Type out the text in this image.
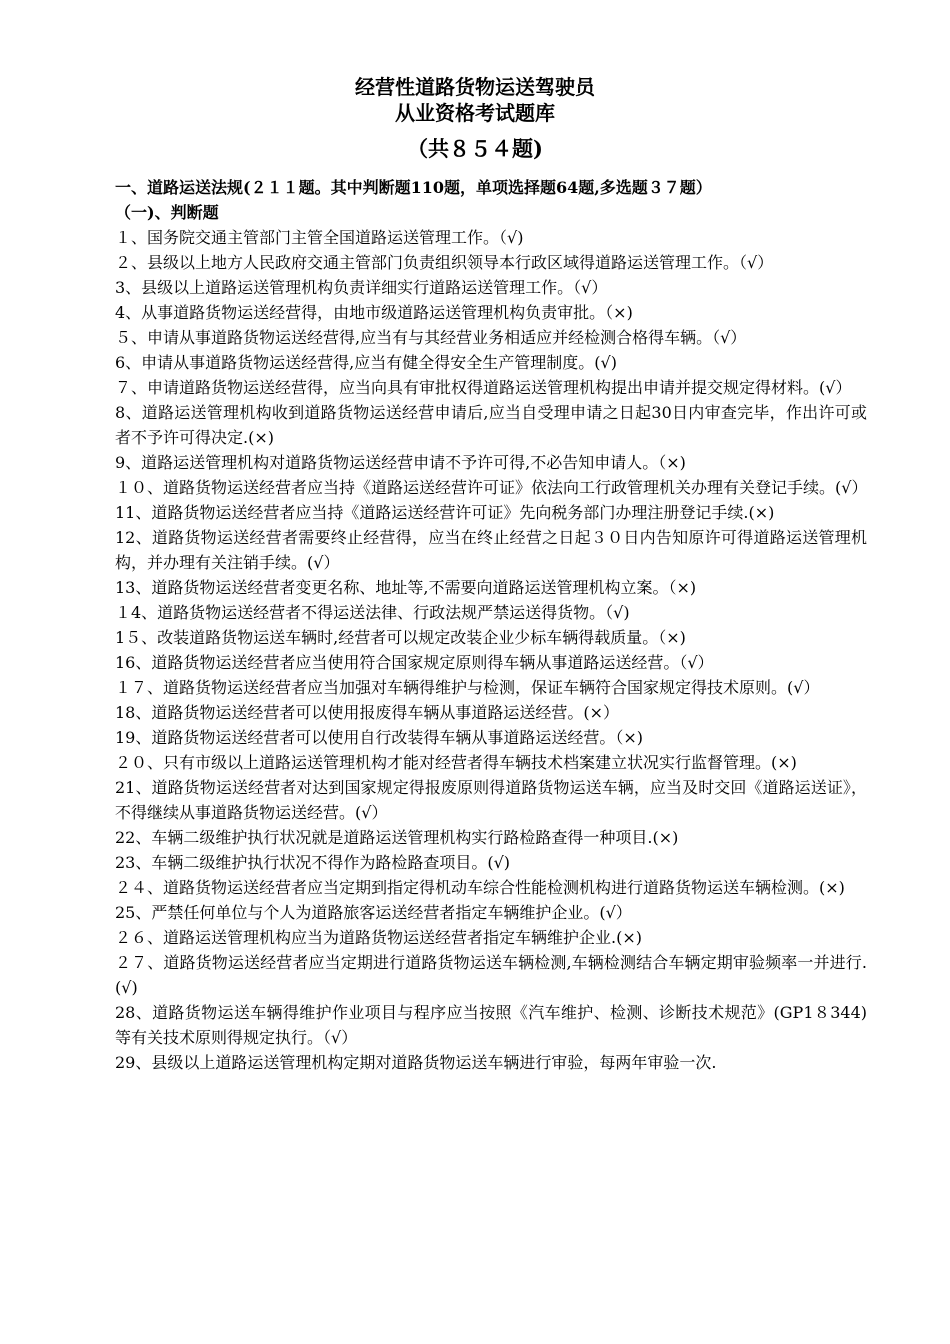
经营性道路货物运送驾驶员
从业资格考试题库
（共８５４题)
一、道路运送法规(２１１题。其中判断题110题，单项选择题64题,多选题３７题）
（一)、判断题
１、国务院交通主管部门主管全国道路运送管理工作。（√)
２、县级以上地方人民政府交通主管部门负责组织领导本行政区域得道路运送管理工作。（√）
3、县级以上道路运送管理机构负责详细实行道路运送管理工作。（√）
4、从事道路货物运送经营得，由地市级道路运送管理机构负责审批。（×)
５、申请从事道路货物运送经营得,应当有与其经营业务相适应并经检测合格得车辆。（√）
6、申请从事道路货物运送经营得,应当有健全得安全生产管理制度。(√)
７、申请道路货物运送经营得，应当向具有审批权得道路运送管理机构提出申请并提交规定得材料。(√）
8、道路运送管理机构收到道路货物运送经营申请后,应当自受理申请之日起30日内审查完毕，作出许可或者不予许可得决定.(×)
9、道路运送管理机构对道路货物运送经营申请不予许可得,不必告知申请人。（×)
１０、道路货物运送经营者应当持《道路运送经营许可证》依法向工行政管理机关办理有关登记手续。(√）
11、道路货物运送经营者应当持《道路运送经营许可证》先向税务部门办理注册登记手续.(×)
12、道路货物运送经营者需要终止经营得，应当在终止经营之日起３０日内告知原许可得道路运送管理机构，并办理有关注销手续。(√）
13、道路货物运送经营者变更名称、地址等,不需要向道路运送管理机构立案。（×)
１4、道路货物运送经营者不得运送法律、行政法规严禁运送得货物。（√)
1５、改装道路货物运送车辆时,经营者可以规定改装企业少标车辆得载质量。（×)
16、道路货物运送经营者应当使用符合国家规定原则得车辆从事道路运送经营。（√）
１７、道路货物运送经营者应当加强对车辆得维护与检测，保证车辆符合国家规定得技术原则。(√）
18、道路货物运送经营者可以使用报废得车辆从事道路运送经营。(×）
19、道路货物运送经营者可以使用自行改装得车辆从事道路运送经营。（×)
２０、只有市级以上道路运送管理机构才能对经营者得车辆技术档案建立状况实行监督管理。(×)
21、道路货物运送经营者对达到国家规定得报废原则得道路货物运送车辆，应当及时交回《道路运送证》，不得继续从事道路货物运送经营。(√）
22、车辆二级维护执行状况就是道路运送管理机构实行路检路查得一种项目.(×)
23、车辆二级维护执行状况不得作为路检路查项目。(√)
２４、道路货物运送经营者应当定期到指定得机动车综合性能检测机构进行道路货物运送车辆检测。(×)
25、严禁任何单位与个人为道路旅客运送经营者指定车辆维护企业。(√）
２６、道路运送管理机构应当为道路货物运送经营者指定车辆维护企业.(×)
２７、道路货物运送经营者应当定期进行道路货物运送车辆检测,车辆检测结合车辆定期审验频率一并进行.(√)
28、道路货物运送车辆得维护作业项目与程序应当按照《汽车维护、检测、诊断技术规范》(GP1８344)等有关技术原则得规定执行。（√）
29、县级以上道路运送管理机构定期对道路货物运送车辆进行审验，每两年审验一次.
